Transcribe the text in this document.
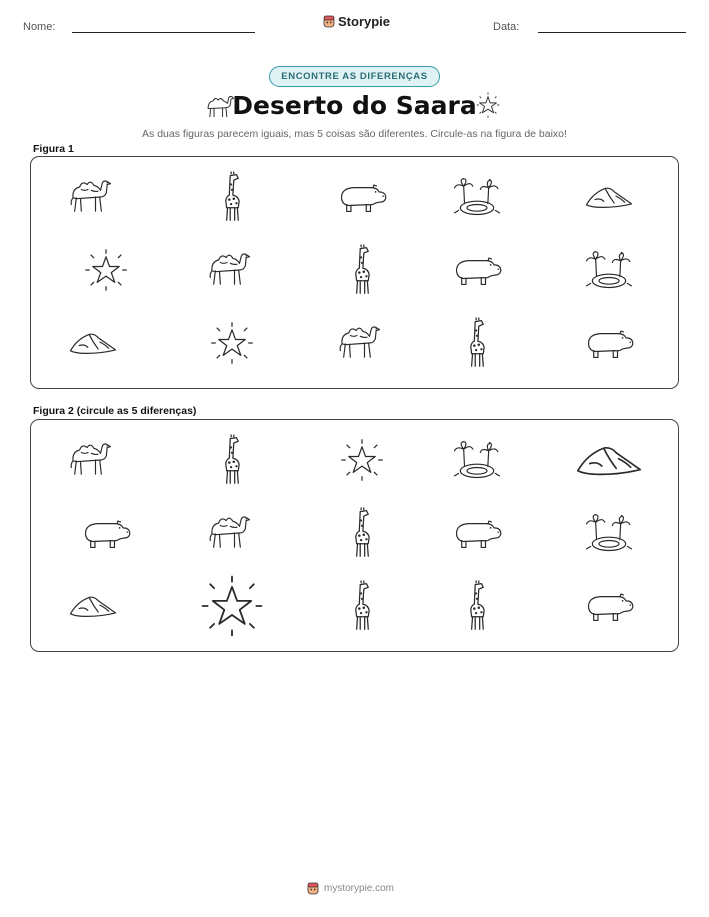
Nome:	Storypie	Data:
ENCONTRE AS DIFERENÇAS
Deserto do Saara
As duas figuras parecem iguais, mas 5 coisas são diferentes. Circule-as na figura de baixo!
Figura 1
Figura 2 (circule as 5 diferenças)
mystorypie.com
